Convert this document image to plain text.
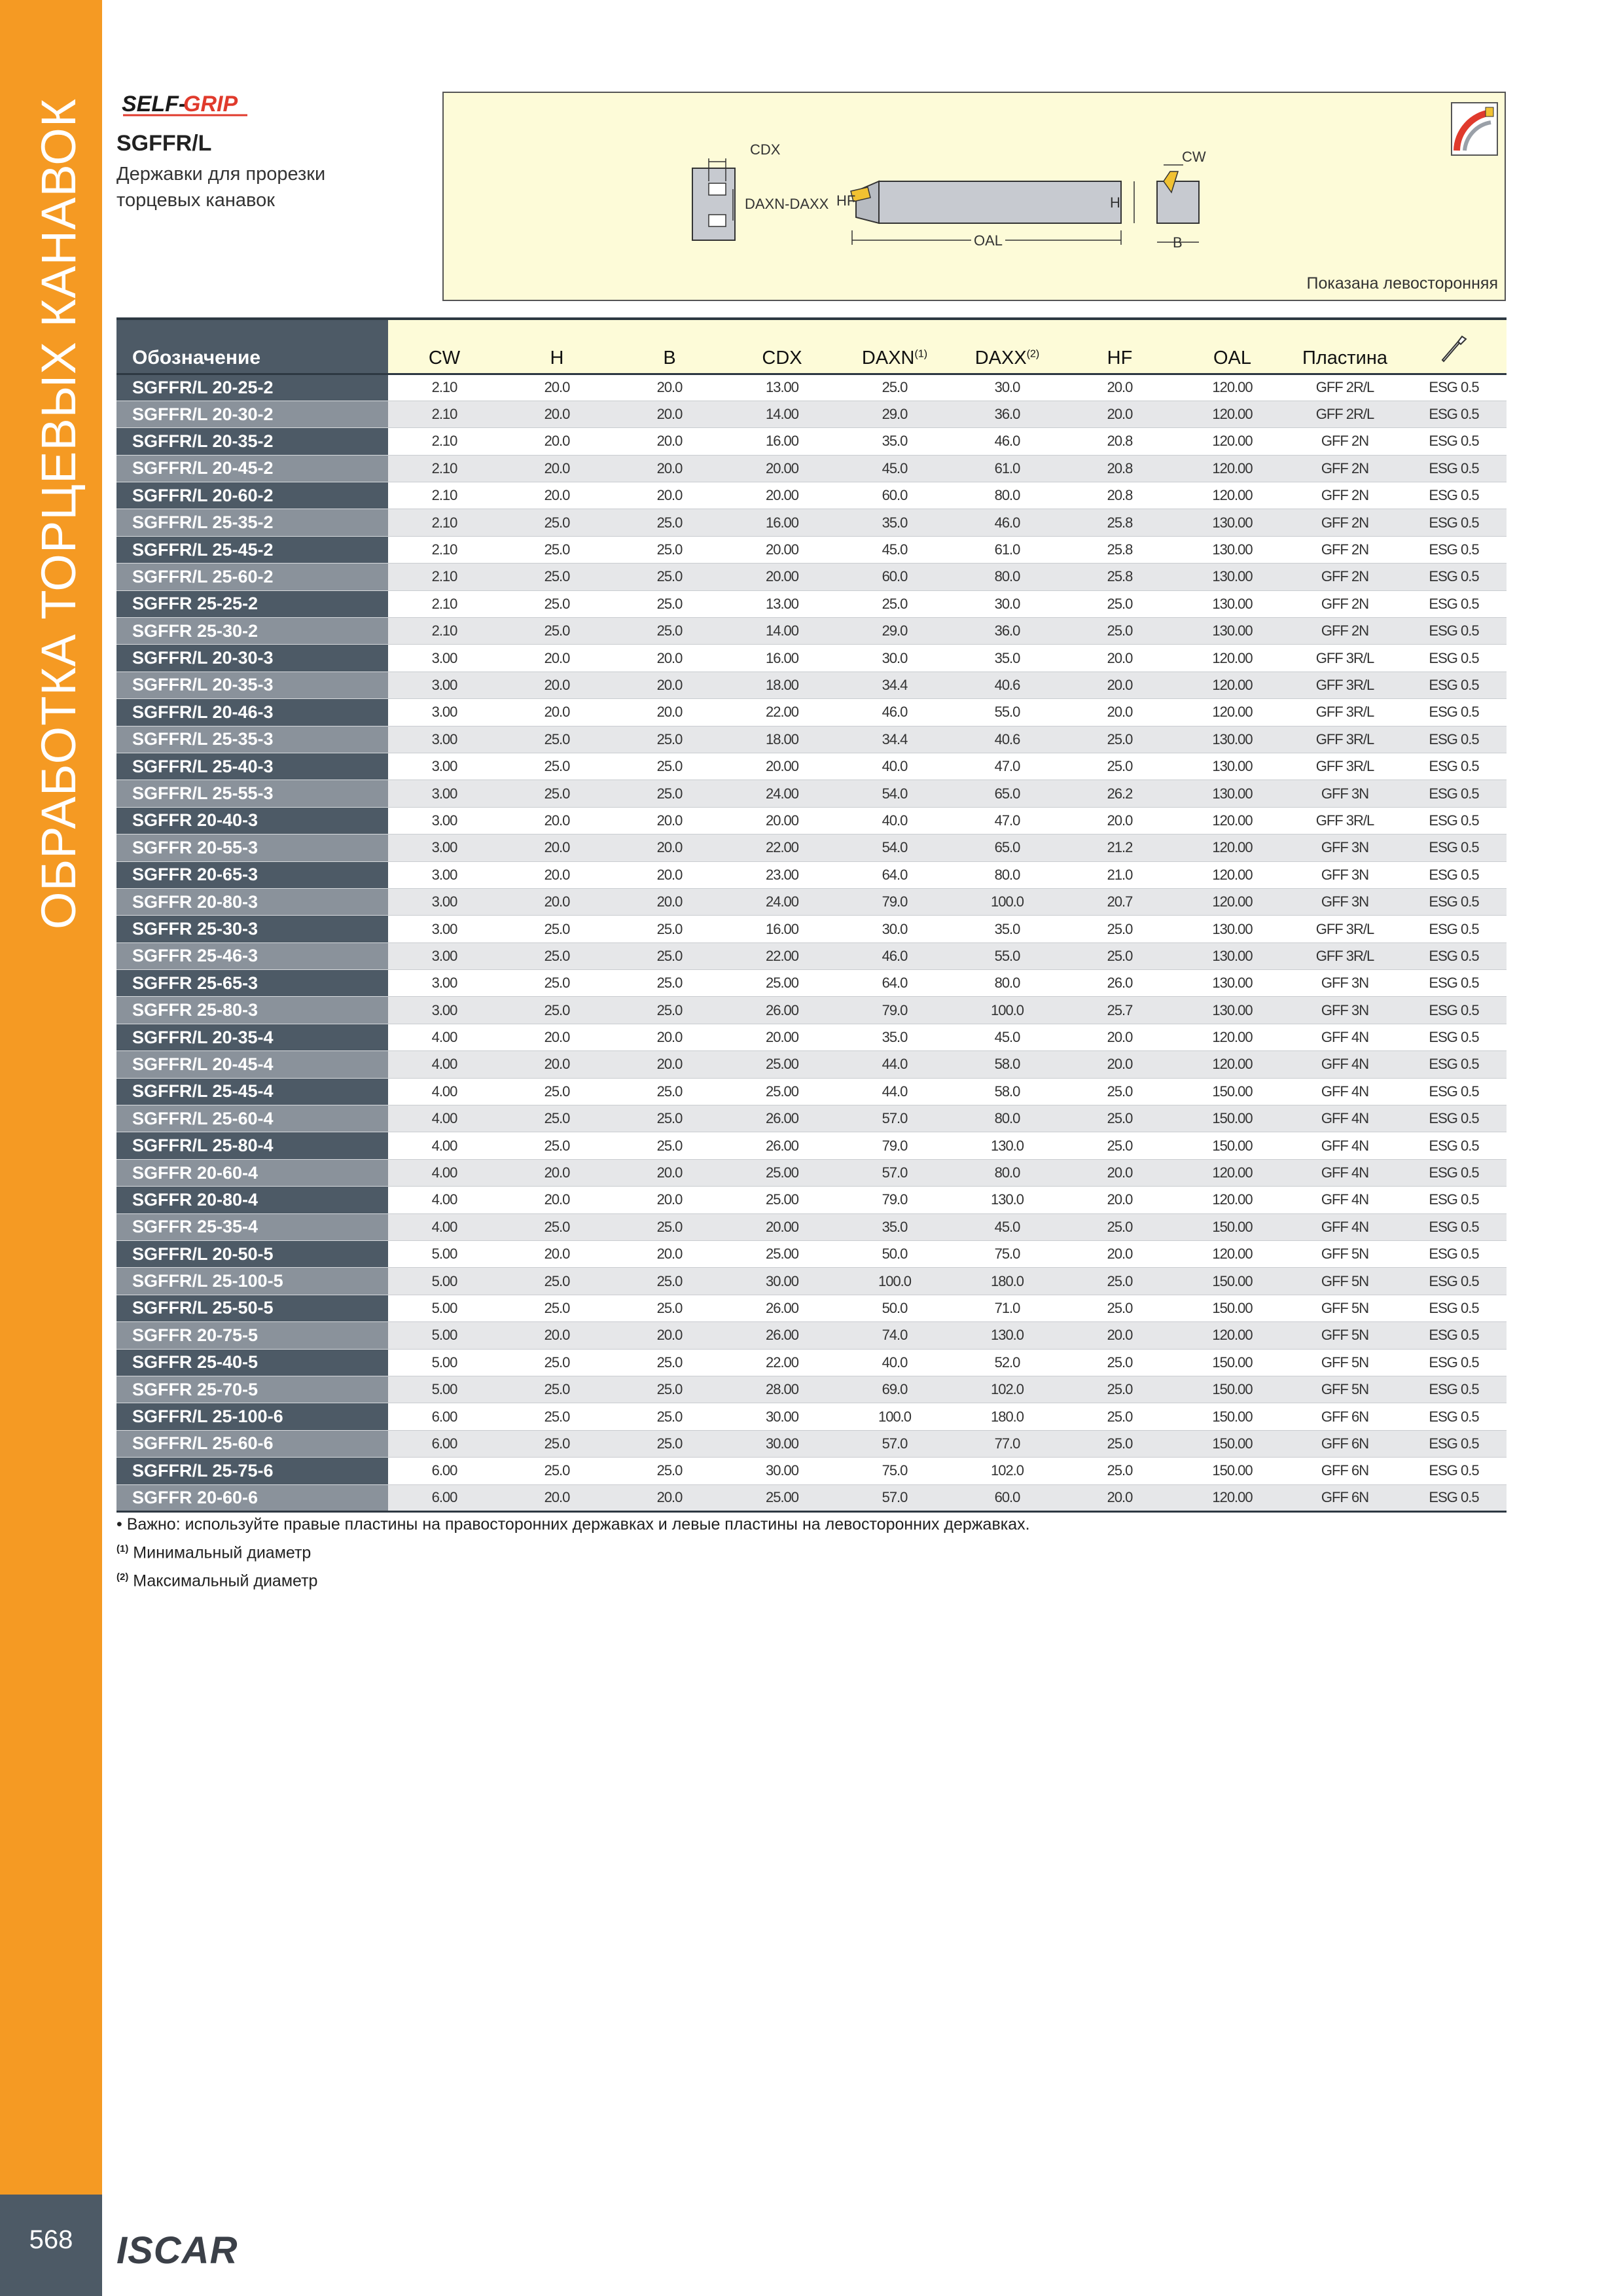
ОБРАБОТКА ТОРЦЕВЫХ КАНАВОК
568	ISCAR
SELF-
GRIP
SGFFR/L
Державки для прорезки
торцевых канавок
CDX
DAXN-DAXX HF
OAL
H
CW
B
Показана левосторонняя
Обозначение	CW	H	B	CDX	DAXN$^{(1)}$	DAXX$^{(2)}$	HF	OAL	Пластина	
SGFFR/L 20-25-2	2.10	20.0	20.0	13.00	25.0	30.0	20.0	120.00	GFF 2R/L	ESG 0.5
SGFFR/L 20-30-2	2.10	20.0	20.0	14.00	29.0	36.0	20.0	120.00	GFF 2R/L	ESG 0.5
SGFFR/L 20-35-2	2.10	20.0	20.0	16.00	35.0	46.0	20.8	120.00	GFF 2N	ESG 0.5
SGFFR/L 20-45-2	2.10	20.0	20.0	20.00	45.0	61.0	20.8	120.00	GFF 2N	ESG 0.5
SGFFR/L 20-60-2	2.10	20.0	20.0	20.00	60.0	80.0	20.8	120.00	GFF 2N	ESG 0.5
SGFFR/L 25-35-2	2.10	25.0	25.0	16.00	35.0	46.0	25.8	130.00	GFF 2N	ESG 0.5
SGFFR/L 25-45-2	2.10	25.0	25.0	20.00	45.0	61.0	25.8	130.00	GFF 2N	ESG 0.5
SGFFR/L 25-60-2	2.10	25.0	25.0	20.00	60.0	80.0	25.8	130.00	GFF 2N	ESG 0.5
SGFFR 25-25-2	2.10	25.0	25.0	13.00	25.0	30.0	25.0	130.00	GFF 2N	ESG 0.5
SGFFR 25-30-2	2.10	25.0	25.0	14.00	29.0	36.0	25.0	130.00	GFF 2N	ESG 0.5
SGFFR/L 20-30-3	3.00	20.0	20.0	16.00	30.0	35.0	20.0	120.00	GFF 3R/L	ESG 0.5
SGFFR/L 20-35-3	3.00	20.0	20.0	18.00	34.4	40.6	20.0	120.00	GFF 3R/L	ESG 0.5
SGFFR/L 20-46-3	3.00	20.0	20.0	22.00	46.0	55.0	20.0	120.00	GFF 3R/L	ESG 0.5
SGFFR/L 25-35-3	3.00	25.0	25.0	18.00	34.4	40.6	25.0	130.00	GFF 3R/L	ESG 0.5
SGFFR/L 25-40-3	3.00	25.0	25.0	20.00	40.0	47.0	25.0	130.00	GFF 3R/L	ESG 0.5
SGFFR/L 25-55-3	3.00	25.0	25.0	24.00	54.0	65.0	26.2	130.00	GFF 3N	ESG 0.5
SGFFR 20-40-3	3.00	20.0	20.0	20.00	40.0	47.0	20.0	120.00	GFF 3R/L	ESG 0.5
SGFFR 20-55-3	3.00	20.0	20.0	22.00	54.0	65.0	21.2	120.00	GFF 3N	ESG 0.5
SGFFR 20-65-3	3.00	20.0	20.0	23.00	64.0	80.0	21.0	120.00	GFF 3N	ESG 0.5
SGFFR 20-80-3	3.00	20.0	20.0	24.00	79.0	100.0	20.7	120.00	GFF 3N	ESG 0.5
SGFFR 25-30-3	3.00	25.0	25.0	16.00	30.0	35.0	25.0	130.00	GFF 3R/L	ESG 0.5
SGFFR 25-46-3	3.00	25.0	25.0	22.00	46.0	55.0	25.0	130.00	GFF 3R/L	ESG 0.5
SGFFR 25-65-3	3.00	25.0	25.0	25.00	64.0	80.0	26.0	130.00	GFF 3N	ESG 0.5
SGFFR 25-80-3	3.00	25.0	25.0	26.00	79.0	100.0	25.7	130.00	GFF 3N	ESG 0.5
SGFFR/L 20-35-4	4.00	20.0	20.0	20.00	35.0	45.0	20.0	120.00	GFF 4N	ESG 0.5
SGFFR/L 20-45-4	4.00	20.0	20.0	25.00	44.0	58.0	20.0	120.00	GFF 4N	ESG 0.5
SGFFR/L 25-45-4	4.00	25.0	25.0	25.00	44.0	58.0	25.0	150.00	GFF 4N	ESG 0.5
SGFFR/L 25-60-4	4.00	25.0	25.0	26.00	57.0	80.0	25.0	150.00	GFF 4N	ESG 0.5
SGFFR/L 25-80-4	4.00	25.0	25.0	26.00	79.0	130.0	25.0	150.00	GFF 4N	ESG 0.5
SGFFR 20-60-4	4.00	20.0	20.0	25.00	57.0	80.0	20.0	120.00	GFF 4N	ESG 0.5
SGFFR 20-80-4	4.00	20.0	20.0	25.00	79.0	130.0	20.0	120.00	GFF 4N	ESG 0.5
SGFFR 25-35-4	4.00	25.0	25.0	20.00	35.0	45.0	25.0	150.00	GFF 4N	ESG 0.5
SGFFR/L 20-50-5	5.00	20.0	20.0	25.00	50.0	75.0	20.0	120.00	GFF 5N	ESG 0.5
SGFFR/L 25-100-5	5.00	25.0	25.0	30.00	100.0	180.0	25.0	150.00	GFF 5N	ESG 0.5
SGFFR/L 25-50-5	5.00	25.0	25.0	26.00	50.0	71.0	25.0	150.00	GFF 5N	ESG 0.5
SGFFR 20-75-5	5.00	20.0	20.0	26.00	74.0	130.0	20.0	120.00	GFF 5N	ESG 0.5
SGFFR 25-40-5	5.00	25.0	25.0	22.00	40.0	52.0	25.0	150.00	GFF 5N	ESG 0.5
SGFFR 25-70-5	5.00	25.0	25.0	28.00	69.0	102.0	25.0	150.00	GFF 5N	ESG 0.5
SGFFR/L 25-100-6	6.00	25.0	25.0	30.00	100.0	180.0	25.0	150.00	GFF 6N	ESG 0.5
SGFFR/L 25-60-6	6.00	25.0	25.0	30.00	57.0	77.0	25.0	150.00	GFF 6N	ESG 0.5
SGFFR/L 25-75-6	6.00	25.0	25.0	30.00	75.0	102.0	25.0	150.00	GFF 6N	ESG 0.5
SGFFR 20-60-6	6.00	20.0	20.0	25.00	57.0	60.0	20.0	120.00	GFF 6N	ESG 0.5
• Важно: используйте правые пластины на правосторонних державках и левые пластины на левосторонних державках.
$^{(1)}$ Минимальный диаметр
$^{(2)}$ Максимальный диаметр
